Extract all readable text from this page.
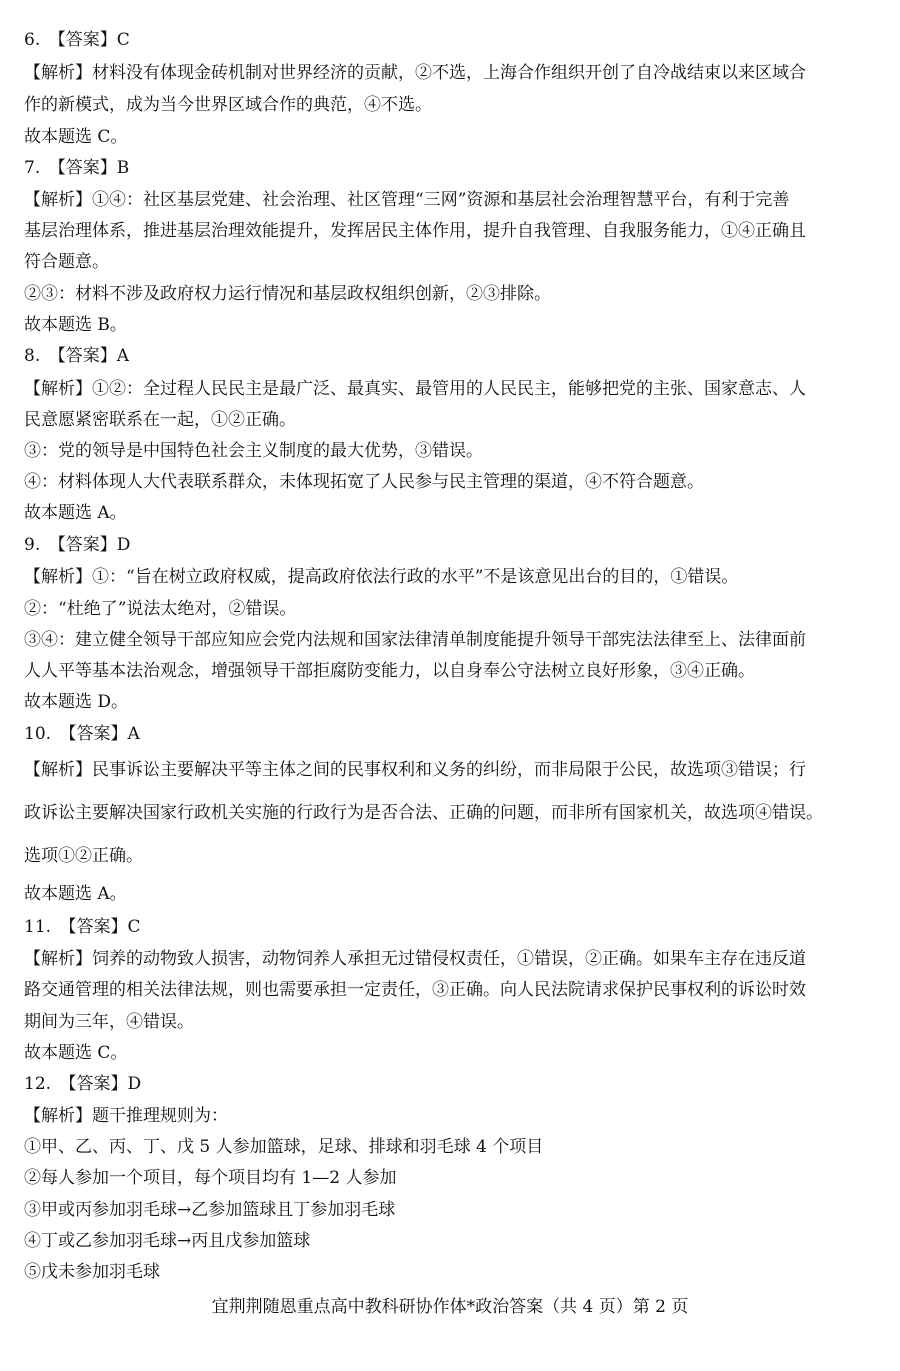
6.　【答案】C
【解析】材料没有体现金砖机制对世界经济的贡献，②不选，上海合作组织开创了自冷战结束以来区域合
作的新模式，成为当今世界区域合作的典范，④不选。
故本题选 C。
7.　【答案】B
【解析】①④：社区基层党建、社会治理、社区管理“三网”资源和基层社会治理智慧平台，有利于完善
基层治理体系，推进基层治理效能提升，发挥居民主体作用，提升自我管理、自我服务能力，①④正确且
符合题意。
②③：材料不涉及政府权力运行情况和基层政权组织创新，②③排除。
故本题选 B。
8.　【答案】A
【解析】①②：全过程人民民主是最广泛、最真实、最管用的人民民主，能够把党的主张、国家意志、人
民意愿紧密联系在一起，①②正确。
③：党的领导是中国特色社会主义制度的最大优势，③错误。
④：材料体现人大代表联系群众，未体现拓宽了人民参与民主管理的渠道，④不符合题意。
故本题选 A。
9.　【答案】D
【解析】①：“旨在树立政府权威，提高政府依法行政的水平”不是该意见出台的目的，①错误。
②：“杜绝了”说法太绝对，②错误。
③④：建立健全领导干部应知应会党内法规和国家法律清单制度能提升领导干部宪法法律至上、法律面前
人人平等基本法治观念，增强领导干部拒腐防变能力，以自身奉公守法树立良好形象，③④正确。
故本题选 D。
10.　【答案】A
【解析】民事诉讼主要解决平等主体之间的民事权利和义务的纠纷，而非局限于公民，故选项③错误；行
政诉讼主要解决国家行政机关实施的行政行为是否合法、正确的问题，而非所有国家机关，故选项④错误。
选项①②正确。
故本题选 A。
11.　【答案】C
【解析】饲养的动物致人损害，动物饲养人承担无过错侵权责任，①错误，②正确。如果车主存在违反道
路交通管理的相关法律法规，则也需要承担一定责任，③正确。向人民法院请求保护民事权利的诉讼时效
期间为三年，④错误。
故本题选 C。
12.　【答案】D
【解析】题干推理规则为：
①甲、乙、丙、丁、戊 5 人参加篮球，足球、排球和羽毛球 4 个项目
②每人参加一个项目，每个项目均有 1—2 人参加
③甲或丙参加羽毛球→乙参加篮球且丁参加羽毛球
④丁或乙参加羽毛球→丙且戊参加篮球
⑤戊未参加羽毛球
宜荆荆随恩重点高中教科研协作体*政治答案（共 4 页）第 2 页
